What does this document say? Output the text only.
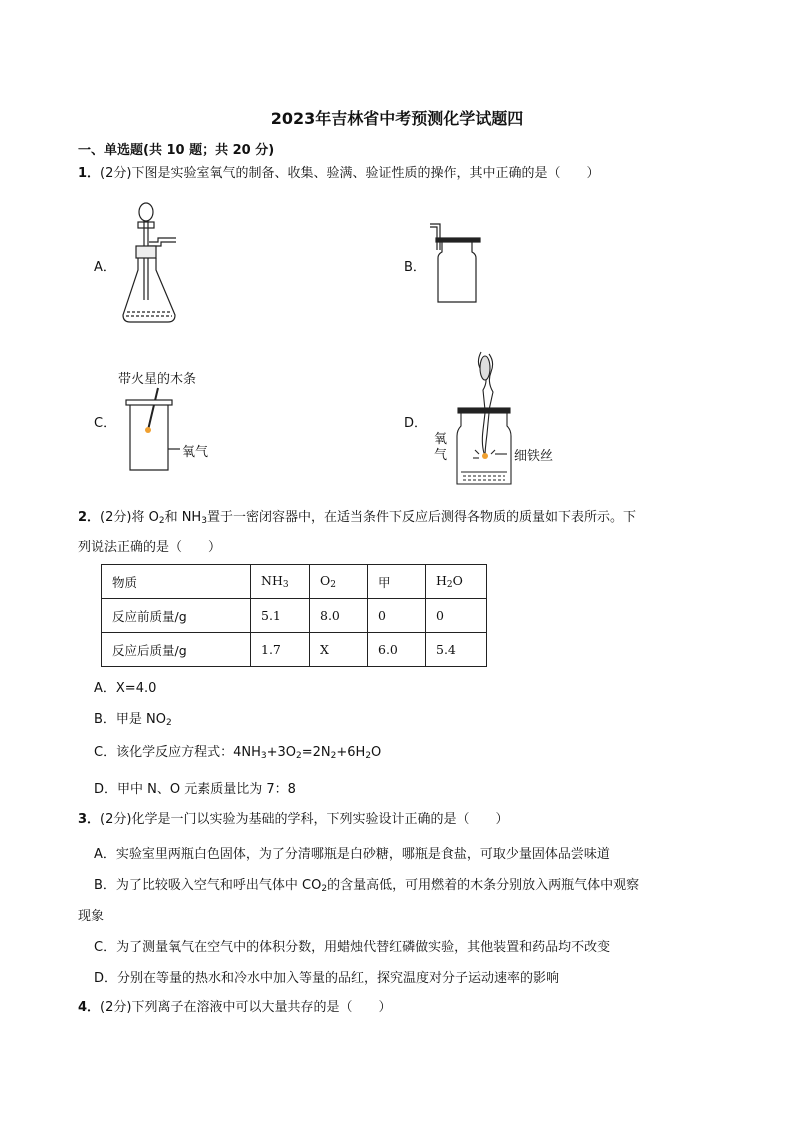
2023年吉林省中考预测化学试题四
一、单选题(共 10 题；共 20 分)
1．(2分)下图是实验室氧气的制备、收集、验满、验证性质的操作，其中正确的是（　　）
A．	B．
C．	D．
带火星的木条
氧气
氧
气	细铁丝
2．(2分)将 $O_2$和 $NH_3$置于一密闭容器中，在适当条件下反应后测得各物质的质量如下表所示。下
列说法正确的是（　　）
物质	$NH_3$	$O_2$	甲	$H_2O$
反应前质量/g	5.1	8.0	0	0
反应后质量/g	1.7	X	6.0	5.4
A．X=4.0
B．甲是 $NO_2$
C．该化学反应方程式：$4NH_3+3O_2=2N_2+6H_2O$
D．甲中 N、O 元素质量比为 7：8
3．(2分)化学是一门以实验为基础的学科，下列实验设计正确的是（　　）
A．实验室里两瓶白色固体，为了分清哪瓶是白砂糖，哪瓶是食盐，可取少量固体品尝味道
B．为了比较吸入空气和呼出气体中 $CO_2$的含量高低，可用燃着的木条分别放入两瓶气体中观察
现象
C．为了测量氧气在空气中的体积分数，用蜡烛代替红磷做实验，其他装置和药品均不改变
D．分别在等量的热水和冷水中加入等量的品红，探究温度对分子运动速率的影响
4．(2分)下列离子在溶液中可以大量共存的是（　　）
